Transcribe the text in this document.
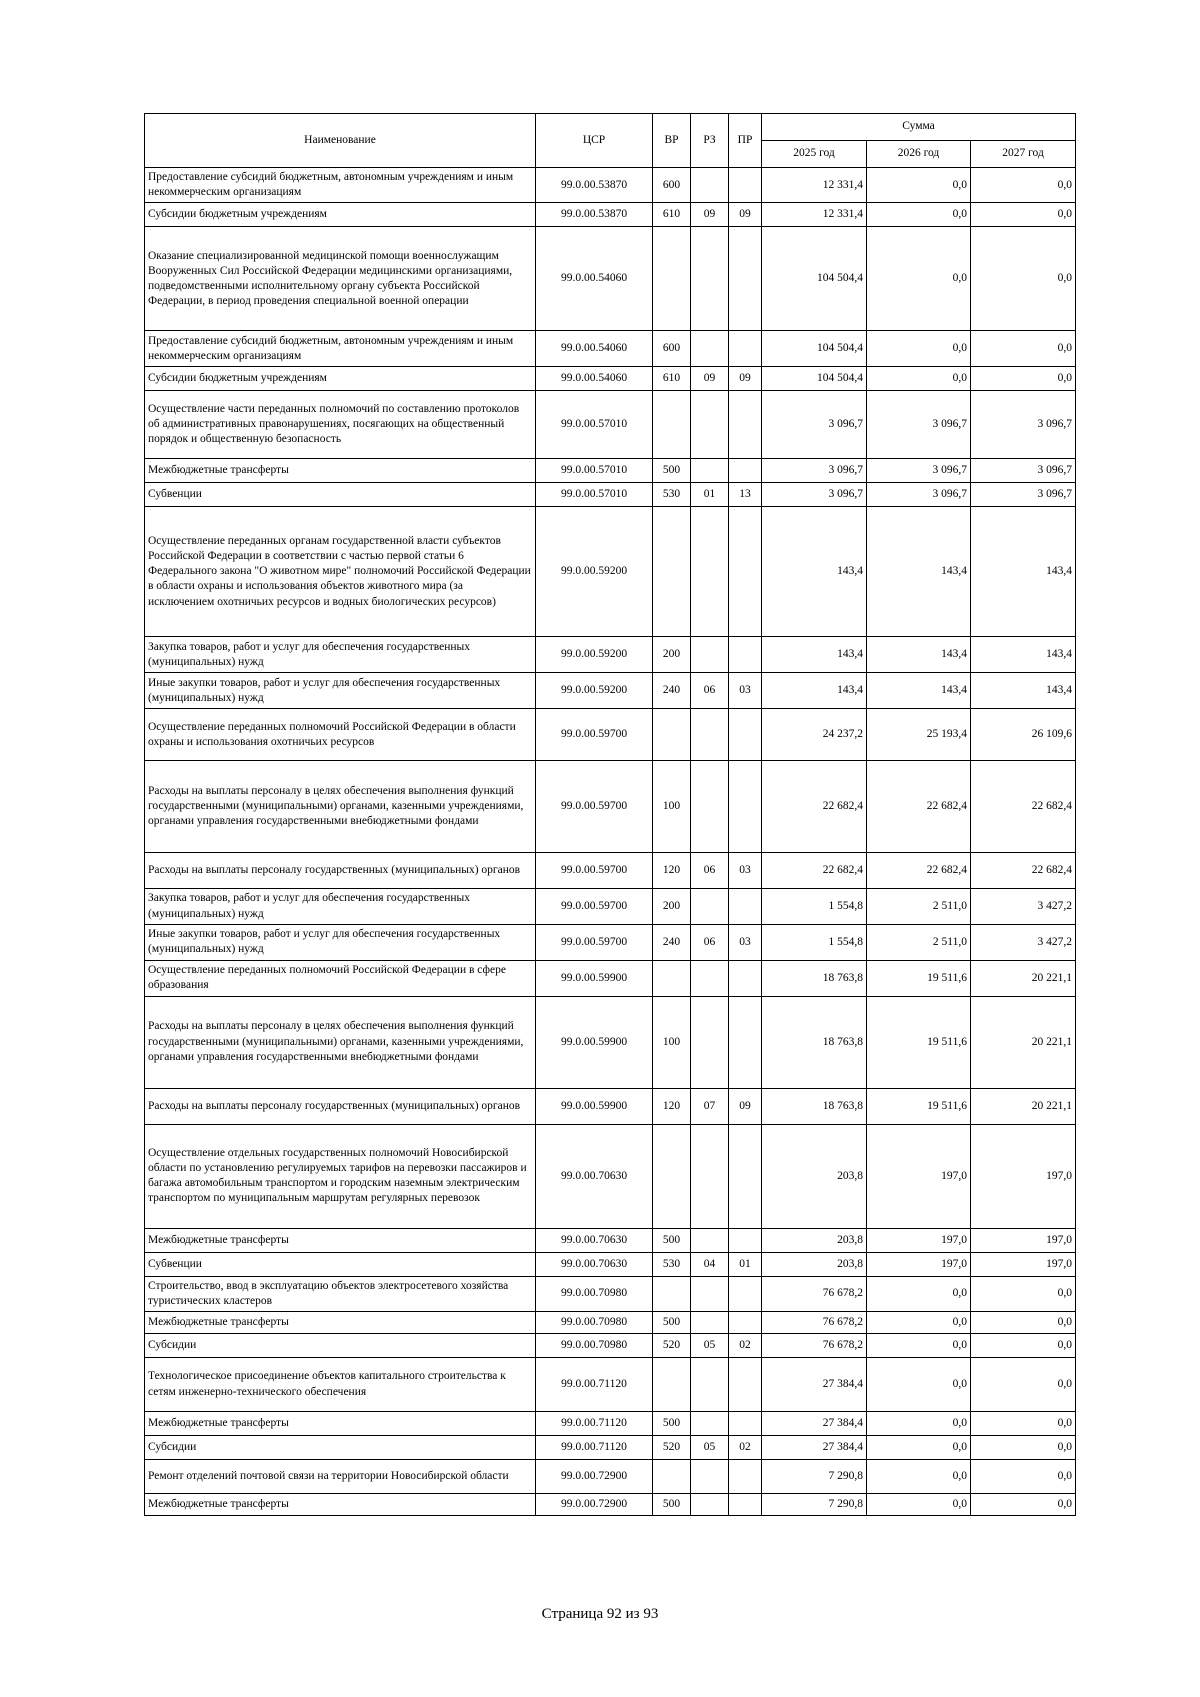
Наименование	ЦСР	ВР	РЗ	ПР	Сумма		
					2025 год	2026 год	2027 год
Предоставление субсидий бюджетным, автономным учреждениям и иным некоммерческим организациям	99.0.00.53870	600			12 331,4	0,0	0,0
Субсидии бюджетным учреждениям	99.0.00.53870	610	09	09	12 331,4	0,0	0,0
Оказание специализированной медицинской помощи военнослужащим Вооруженных Сил Российской Федерации медицинскими организациями, подведомственными исполнительному органу субъекта Российской Федерации, в период проведения специальной военной операции	99.0.00.54060				104 504,4	0,0	0,0
Предоставление субсидий бюджетным, автономным учреждениям и иным некоммерческим организациям	99.0.00.54060	600			104 504,4	0,0	0,0
Субсидии бюджетным учреждениям	99.0.00.54060	610	09	09	104 504,4	0,0	0,0
Осуществление части переданных полномочий по составлению протоколов об административных правонарушениях, посягающих на общественный порядок и общественную безопасность	99.0.00.57010				3 096,7	3 096,7	3 096,7
Межбюджетные трансферты	99.0.00.57010	500			3 096,7	3 096,7	3 096,7
Субвенции	99.0.00.57010	530	01	13	3 096,7	3 096,7	3 096,7
Осуществление переданных органам государственной власти субъектов Российской Федерации в соответствии с частью первой статьи 6 Федерального закона "О животном мире" полномочий Российской Федерации в области охраны и использования объектов животного мира (за исключением охотничьих ресурсов и водных биологических ресурсов)	99.0.00.59200				143,4	143,4	143,4
Закупка товаров, работ и услуг для обеспечения государственных (муниципальных) нужд	99.0.00.59200	200			143,4	143,4	143,4
Иные закупки товаров, работ и услуг для обеспечения государственных (муниципальных) нужд	99.0.00.59200	240	06	03	143,4	143,4	143,4
Осуществление переданных полномочий Российской Федерации в области охраны и использования охотничьих ресурсов	99.0.00.59700				24 237,2	25 193,4	26 109,6
Расходы на выплаты персоналу в целях обеспечения выполнения функций государственными (муниципальными) органами, казенными учреждениями, органами управления государственными внебюджетными фондами	99.0.00.59700	100			22 682,4	22 682,4	22 682,4
Расходы на выплаты персоналу государственных (муниципальных) органов	99.0.00.59700	120	06	03	22 682,4	22 682,4	22 682,4
Закупка товаров, работ и услуг для обеспечения государственных (муниципальных) нужд	99.0.00.59700	200			1 554,8	2 511,0	3 427,2
Иные закупки товаров, работ и услуг для обеспечения государственных (муниципальных) нужд	99.0.00.59700	240	06	03	1 554,8	2 511,0	3 427,2
Осуществление переданных полномочий Российской Федерации в сфере образования	99.0.00.59900				18 763,8	19 511,6	20 221,1
Расходы на выплаты персоналу в целях обеспечения выполнения функций государственными (муниципальными) органами, казенными учреждениями, органами управления государственными внебюджетными фондами	99.0.00.59900	100			18 763,8	19 511,6	20 221,1
Расходы на выплаты персоналу государственных (муниципальных) органов	99.0.00.59900	120	07	09	18 763,8	19 511,6	20 221,1
Осуществление отдельных государственных полномочий Новосибирской области по установлению регулируемых тарифов на перевозки пассажиров и багажа автомобильным транспортом и городским наземным электрическим транспортом по муниципальным маршрутам регулярных перевозок	99.0.00.70630				203,8	197,0	197,0
Межбюджетные трансферты	99.0.00.70630	500			203,8	197,0	197,0
Субвенции	99.0.00.70630	530	04	01	203,8	197,0	197,0
Строительство, ввод в эксплуатацию объектов электросетевого хозяйства туристических кластеров	99.0.00.70980				76 678,2	0,0	0,0
Межбюджетные трансферты	99.0.00.70980	500			76 678,2	0,0	0,0
Субсидии	99.0.00.70980	520	05	02	76 678,2	0,0	0,0
Технологическое присоединение объектов капитального строительства к сетям инженерно-технического обеспечения	99.0.00.71120				27 384,4	0,0	0,0
Межбюджетные трансферты	99.0.00.71120	500			27 384,4	0,0	0,0
Субсидии	99.0.00.71120	520	05	02	27 384,4	0,0	0,0
Ремонт отделений почтовой связи на территории Новосибирской области	99.0.00.72900				7 290,8	0,0	0,0
Межбюджетные трансферты	99.0.00.72900	500			7 290,8	0,0	0,0
Страница 92 из 93
